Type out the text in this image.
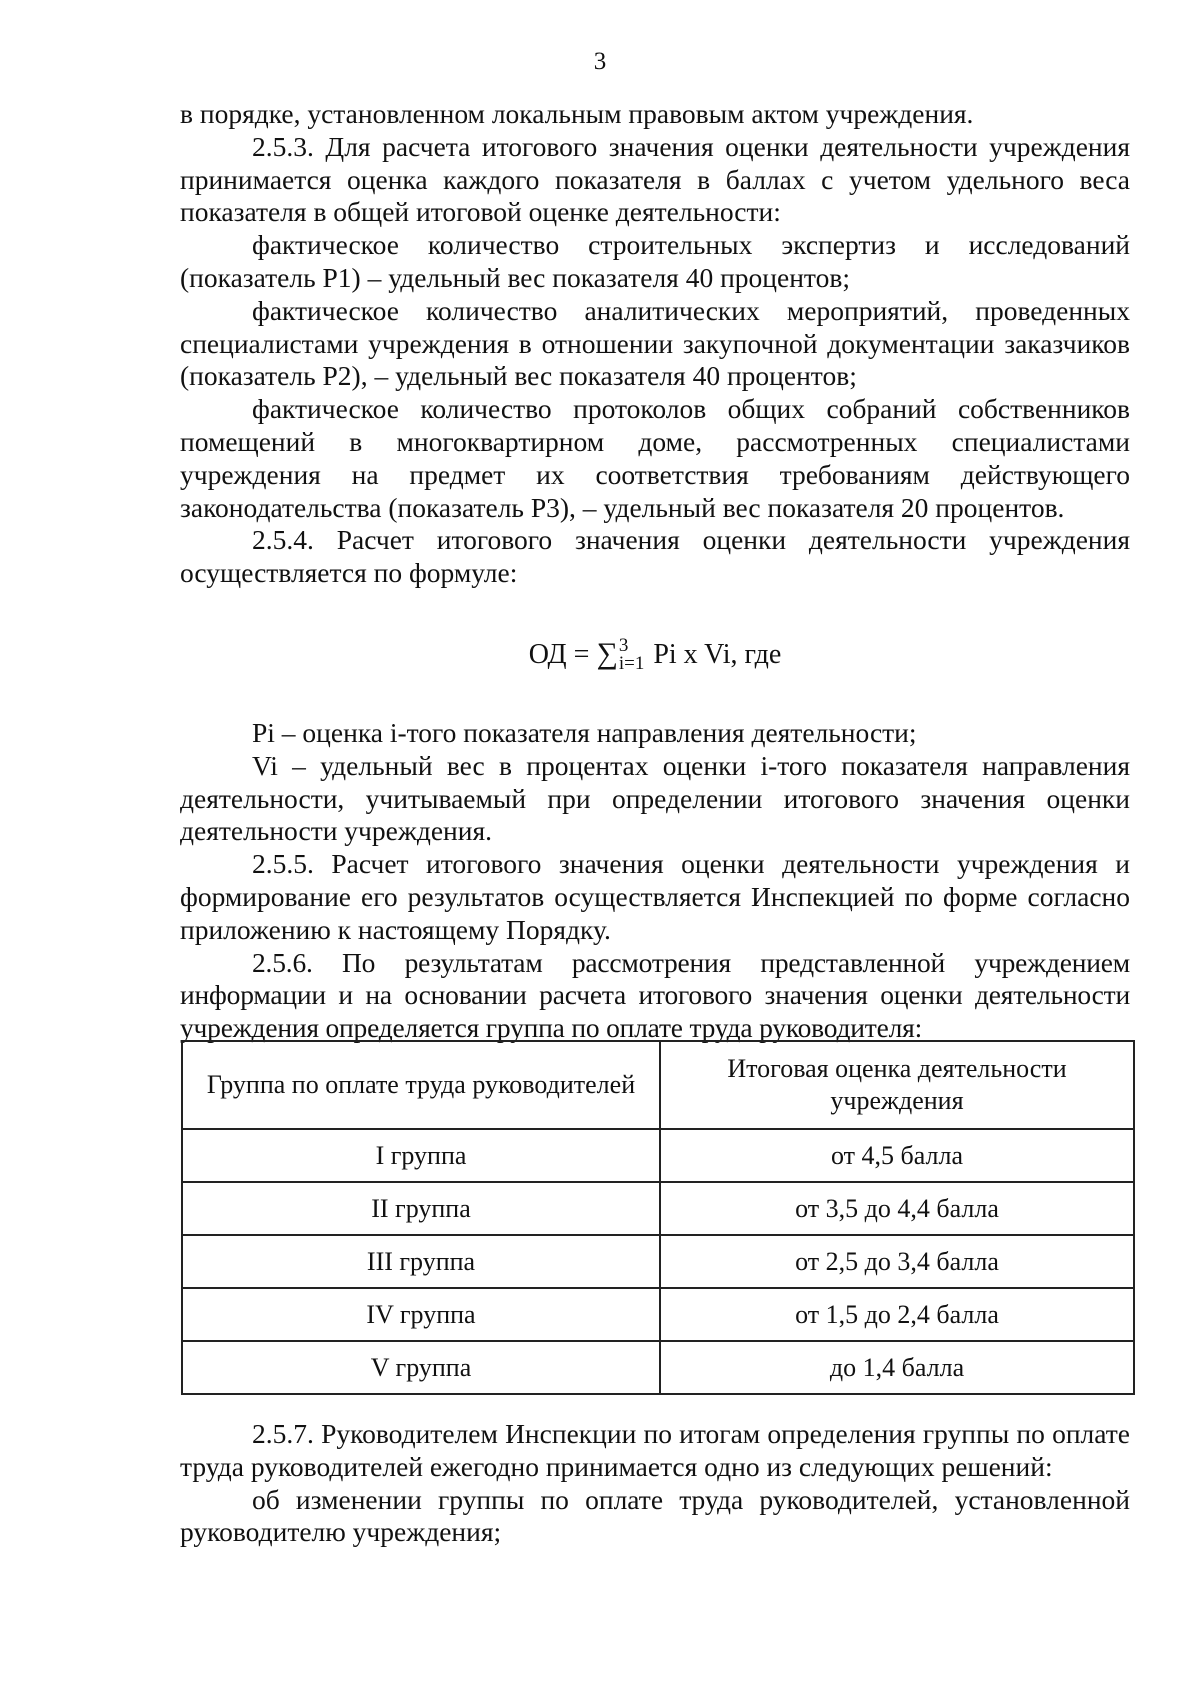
3

в порядке, установленном локальным правовым актом учреждения.

2.5.3. Для расчета итогового значения оценки деятельности учреждения принимается оценка каждого показателя в баллах с учетом удельного веса показателя в общей итоговой оценке деятельности:

фактическое количество строительных экспертиз и исследований (показатель Р1) – удельный вес показателя 40 процентов;

фактическое количество аналитических мероприятий, проведенных специалистами учреждения в отношении закупочной документации заказчиков (показатель Р2), – удельный вес показателя 40 процентов;

фактическое количество протоколов общих собраний собственников помещений в многоквартирном доме, рассмотренных специалистами учреждения на предмет их соответствия требованиям действующего законодательства (показатель Р3), – удельный вес показателя 20 процентов.

2.5.4. Расчет итогового значения оценки деятельности учреждения осуществляется по формуле:

ОД = ∑ 3
i=1 Pi x Vi, где

Pi – оценка i-того показателя направления деятельности;

Vi – удельный вес в процентах оценки i-того показателя направления деятельности, учитываемый при определении итогового значения оценки деятельности учреждения.

2.5.5. Расчет итогового значения оценки деятельности учреждения и формирование его результатов осуществляется Инспекцией по форме согласно приложению к настоящему Порядку.

2.5.6. По результатам рассмотрения представленной учреждением информации и на основании расчета итогового значения оценки деятельности учреждения определяется группа по оплате труда руководителя:

Группа по оплате труда руководителей	Итоговая оценка деятельности учреждения
I группа	от 4,5 балла
II группа	от 3,5 до 4,4 балла
III группа	от 2,5 до 3,4 балла
IV группа	от 1,5 до 2,4 балла
V группа	до 1,4 балла

2.5.7. Руководителем Инспекции по итогам определения группы по оплате труда руководителей ежегодно принимается одно из следующих решений:

об изменении группы по оплате труда руководителей, установленной руководителю учреждения;
